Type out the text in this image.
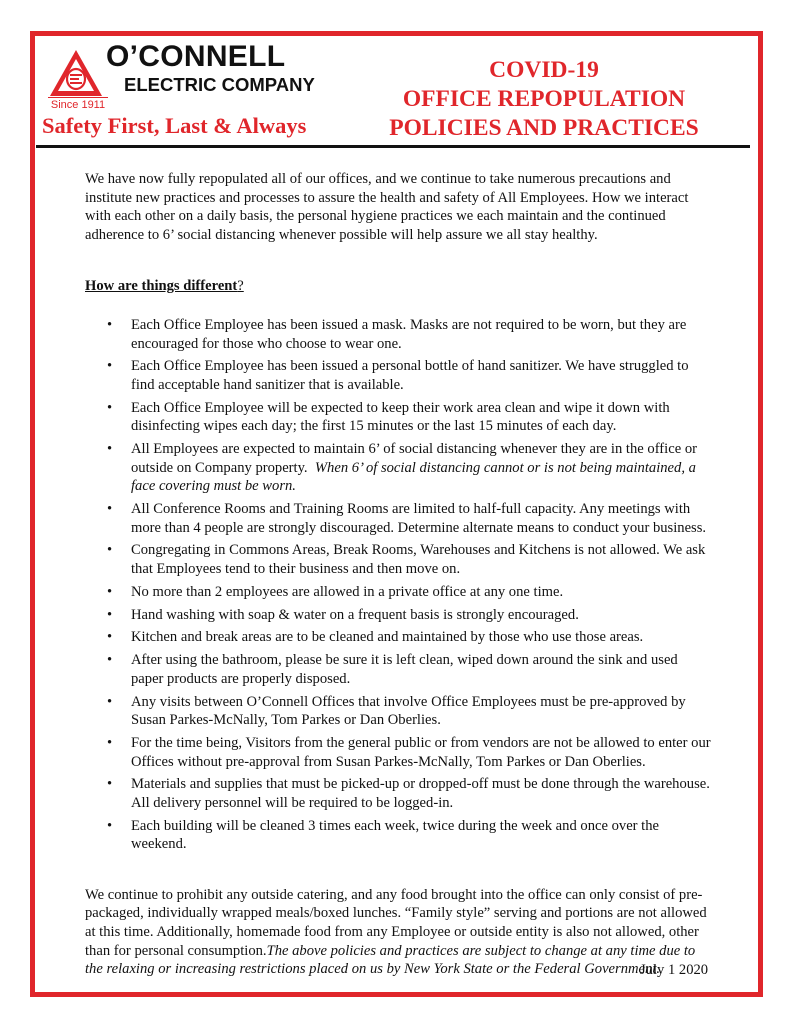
O’CONNELL
ELECTRIC COMPANY
Since 1911
Safety First, Last & Always
COVID-19
OFFICE REPOPULATION
POLICIES AND PRACTICES

We have now fully repopulated all of our offices, and we continue to take numerous precautions and institute new practices and processes to assure the health and safety of All Employees. How we interact with each other on a daily basis, the personal hygiene practices we each maintain and the continued adherence to 6’ social distancing whenever possible will help assure we all stay healthy.

How are things different?

• Each Office Employee has been issued a mask. Masks are not required to be worn, but they are encouraged for those who choose to wear one.
• Each Office Employee has been issued a personal bottle of hand sanitizer. We have struggled to find acceptable hand sanitizer that is available.
• Each Office Employee will be expected to keep their work area clean and wipe it down with disinfecting wipes each day; the first 15 minutes or the last 15 minutes of each day.
• All Employees are expected to maintain 6’ of social distancing whenever they are in the office or outside on Company property. When 6’ of social distancing cannot or is not being maintained, a face covering must be worn.
• All Conference Rooms and Training Rooms are limited to half-full capacity. Any meetings with more than 4 people are strongly discouraged. Determine alternate means to conduct your business.
• Congregating in Commons Areas, Break Rooms, Warehouses and Kitchens is not allowed. We ask that Employees tend to their business and then move on.
• No more than 2 employees are allowed in a private office at any one time.
• Hand washing with soap & water on a frequent basis is strongly encouraged.
• Kitchen and break areas are to be cleaned and maintained by those who use those areas.
• After using the bathroom, please be sure it is left clean, wiped down around the sink and used paper products are properly disposed.
• Any visits between O’Connell Offices that involve Office Employees must be pre-approved by Susan Parkes-McNally, Tom Parkes or Dan Oberlies.
• For the time being, Visitors from the general public or from vendors are not be allowed to enter our Offices without pre-approval from Susan Parkes-McNally, Tom Parkes or Dan Oberlies.
• Materials and supplies that must be picked-up or dropped-off must be done through the warehouse. All delivery personnel will be required to be logged-in.
• Each building will be cleaned 3 times each week, twice during the week and once over the weekend.

We continue to prohibit any outside catering, and any food brought into the office can only consist of pre-packaged, individually wrapped meals/boxed lunches. “Family style” serving and portions are not allowed at this time. Additionally, homemade food from any Employee or outside entity is also not allowed, other than for personal consumption.The above policies and practices are subject to change at any time due to the relaxing or increasing restrictions placed on us by New York State or the Federal Government.

July 1 2020
